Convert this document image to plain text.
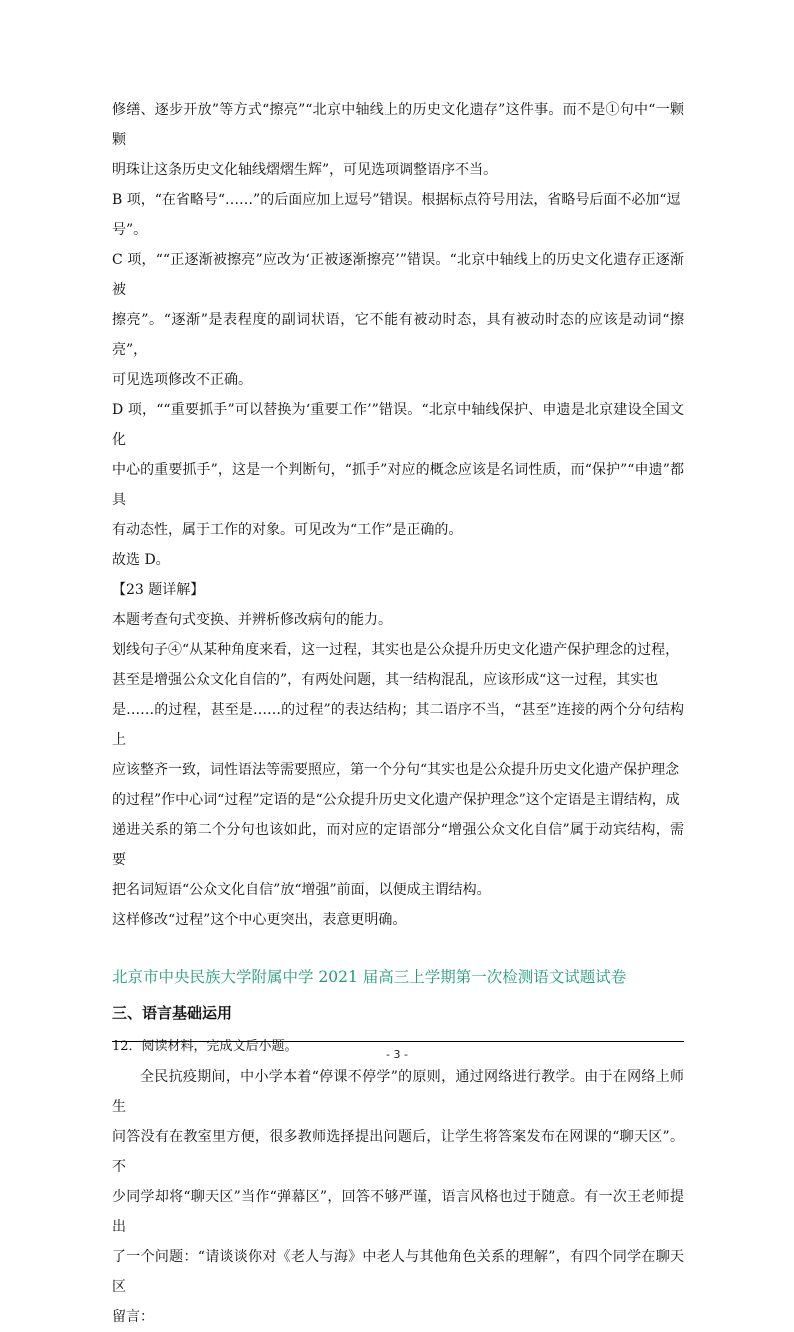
修缮、逐步开放”等方式“擦亮”“北京中轴线上的历史文化遗存”这件事。而不是①句中“一颗颗

明珠让这条历史文化轴线熠熠生辉”，可见选项调整语序不当。

B 项，“在省略号“……”的后面应加上逗号”错误。根据标点符号用法，省略号后面不必加“逗

号”。

C 项，““正逐渐被擦亮”应改为‘正被逐渐擦亮’”错误。“北京中轴线上的历史文化遗存正逐渐被

擦亮”。“逐渐”是表程度的副词状语，它不能有被动时态，具有被动时态的应该是动词“擦亮”，

可见选项修改不正确。

D 项，““重要抓手”可以替换为‘重要工作’”错误。“北京中轴线保护、申遗是北京建设全国文化

中心的重要抓手”，这是一个判断句，“抓手”对应的概念应该是名词性质，而“保护”“申遗”都具

有动态性，属于工作的对象。可见改为“工作”是正确的。

故选 D。

【23 题详解】

本题考查句式变换、并辨析修改病句的能力。

划线句子④“从某种角度来看，这一过程，其实也是公众提升历史文化遗产保护理念的过程，

甚至是增强公众文化自信的”，有两处问题，其一结构混乱，应该形成“这一过程，其实也

是……的过程，甚至是……的过程”的表达结构；其二语序不当，“甚至”连接的两个分句结构上

应该整齐一致，词性语法等需要照应，第一个分句“其实也是公众提升历史文化遗产保护理念

的过程”作中心词“过程”定语的是“公众提升历史文化遗产保护理念”这个定语是主谓结构，成

递进关系的第二个分句也该如此，而对应的定语部分“增强公众文化自信”属于动宾结构，需要

把名词短语“公众文化自信”放“增强”前面，以便成主谓结构。

这样修改“过程”这个中心更突出，表意更明确。

北京市中央民族大学附属中学 2021 届高三上学期第一次检测语文试题试卷

三、语言基础运用

12．阅读材料，完成文后小题。

全民抗疫期间，中小学本着“停课不停学”的原则，通过网络进行教学。由于在网络上师生

问答没有在教室里方便，很多教师选择提出问题后，让学生将答案发布在网课的“聊天区”。不

少同学却将“聊天区”当作“弹幕区”，回答不够严谨，语言风格也过于随意。有一次王老师提出

了一个问题：“请谈谈你对《老人与海》中老人与其他角色关系的理解”，有四个同学在聊天区

留言：

- 3 -
